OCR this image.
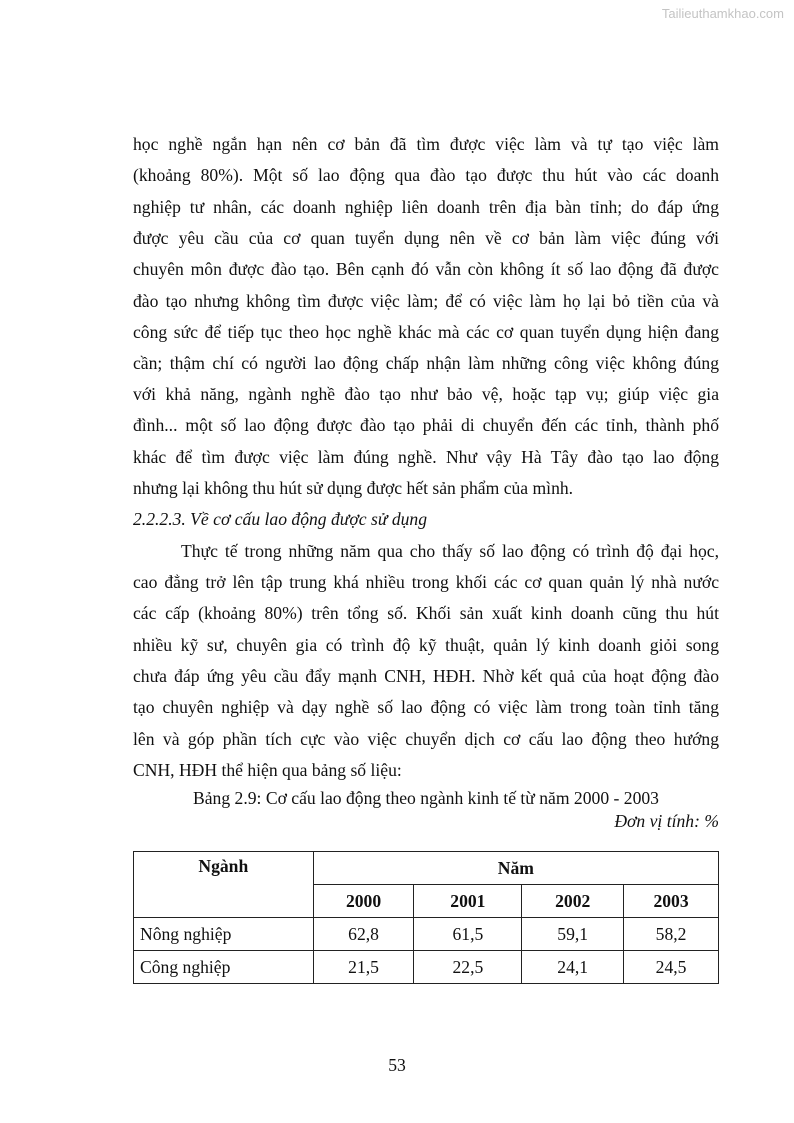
Tailieuthamkhao.com
học nghề ngắn hạn nên cơ bản đã tìm được việc làm và tự tạo việc làm
(khoảng 80%). Một số lao động qua đào tạo được thu hút vào các doanh
nghiệp tư nhân, các doanh nghiệp liên doanh trên địa bàn tỉnh; do đáp ứng
được yêu cầu của cơ quan tuyển dụng nên về cơ bản làm việc đúng với
chuyên môn được đào tạo. Bên cạnh đó vẫn còn không ít số lao động đã được
đào tạo nhưng không tìm được việc làm; để có việc làm họ lại bỏ tiền của và
công sức để tiếp tục theo học nghề khác mà các cơ quan tuyển dụng hiện đang
cần; thậm chí có người lao động chấp nhận làm những công việc không đúng
với khả năng, ngành nghề đào tạo như bảo vệ, hoặc tạp vụ; giúp việc gia
đình... một số lao động được đào tạo phải di chuyển đến các tỉnh, thành phố
khác để tìm được việc làm đúng nghề. Như vậy Hà Tây đào tạo lao động
nhưng lại không thu hút sử dụng được hết sản phẩm của mình.
2.2.2.3. Về cơ cấu lao động được sử dụng
Thực tế trong những năm qua cho thấy số lao động có trình độ đại học,
cao đẳng trở lên tập trung khá nhiều trong khối các cơ quan quản lý nhà nước
các cấp (khoảng 80%) trên tổng số. Khối sản xuất kinh doanh cũng thu hút
nhiều kỹ sư, chuyên gia có trình độ kỹ thuật, quản lý kinh doanh giỏi song
chưa đáp ứng yêu cầu đẩy mạnh CNH, HĐH. Nhờ kết quả của hoạt động đào
tạo chuyên nghiệp và dạy nghề số lao động có việc làm trong toàn tỉnh tăng
lên và góp phần tích cực vào việc chuyển dịch cơ cấu lao động theo hướng
CNH, HĐH thể hiện qua bảng số liệu:
Bảng 2.9: Cơ cấu lao động theo ngành kinh tế từ năm 2000 - 2003
Đơn vị tính: %
Ngành	Năm			
	2000	2001	2002	2003
Nông nghiệp	62,8	61,5	59,1	58,2
Công nghiệp	21,5	22,5	24,1	24,5
53
